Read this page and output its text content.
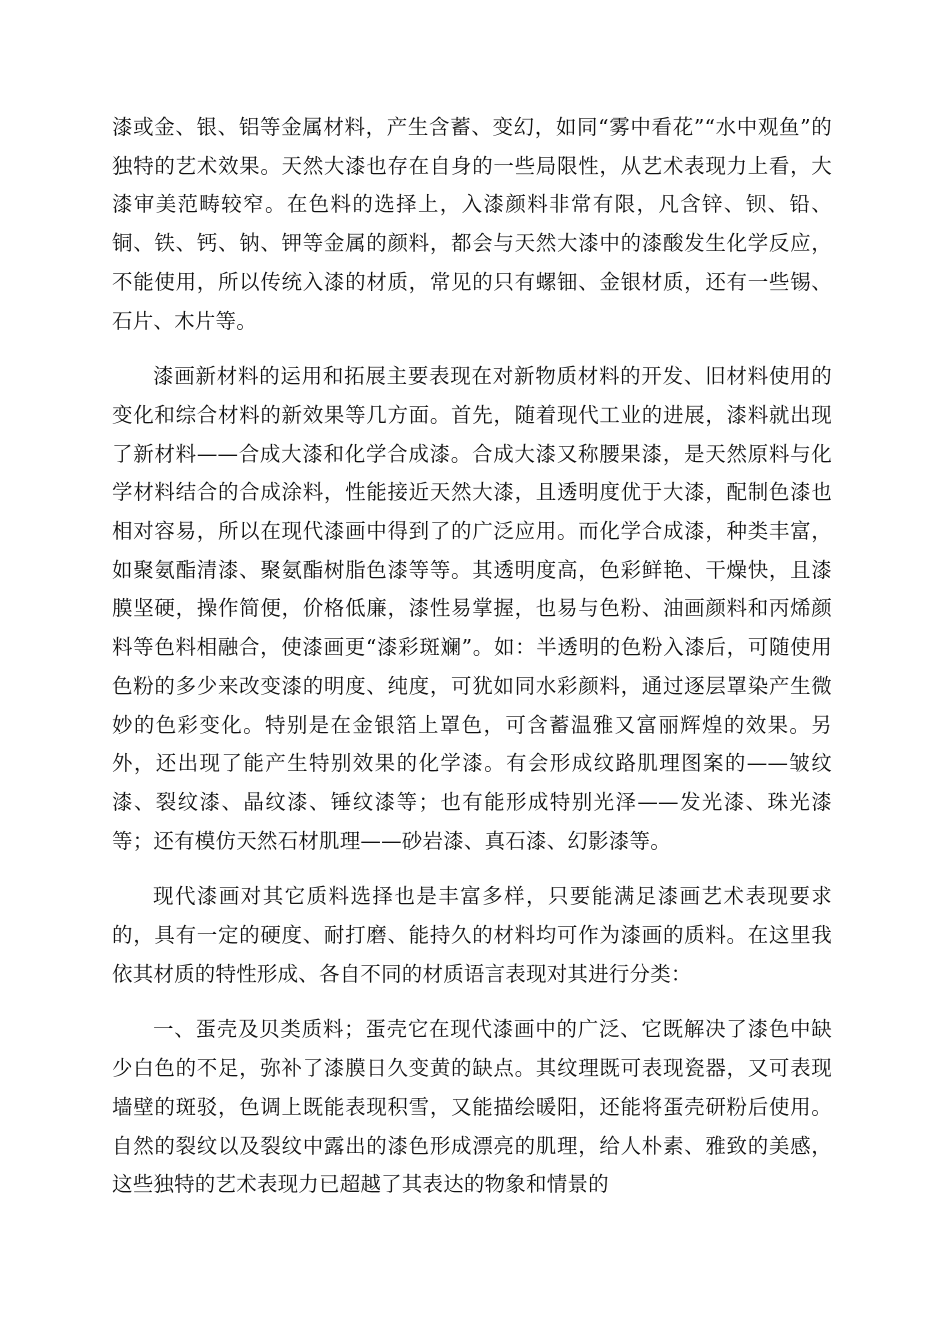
漆或金、银、铝等金属材料，产生含蓄、变幻，如同“雾中看花”“水中观鱼”的独特的艺术效果。天然大漆也存在自身的一些局限性，从艺术表现力上看，大漆审美范畴较窄。在色料的选择上，入漆颜料非常有限，凡含锌、钡、铅、铜、铁、钙、钠、钾等金属的颜料，都会与天然大漆中的漆酸发生化学反应，不能使用，所以传统入漆的材质，常见的只有螺钿、金银材质，还有一些锡、石片、木片等。

漆画新材料的运用和拓展主要表现在对新物质材料的开发、旧材料使用的变化和综合材料的新效果等几方面。首先，随着现代工业的进展，漆料就出现了新材料——合成大漆和化学合成漆。合成大漆又称腰果漆，是天然原料与化学材料结合的合成涂料，性能接近天然大漆，且透明度优于大漆，配制色漆也相对容易，所以在现代漆画中得到了的广泛应用。而化学合成漆，种类丰富，如聚氨酯清漆、聚氨酯树脂色漆等等。其透明度高，色彩鲜艳、干燥快，且漆膜坚硬，操作简便，价格低廉，漆性易掌握，也易与色粉、油画颜料和丙烯颜料等色料相融合，使漆画更“漆彩斑斓”。如：半透明的色粉入漆后，可随使用色粉的多少来改变漆的明度、纯度，可犹如同水彩颜料，通过逐层罩染产生微妙的色彩变化。特别是在金银箔上罩色，可含蓄温雅又富丽辉煌的效果。另外，还出现了能产生特别效果的化学漆。有会形成纹路肌理图案的——皱纹漆、裂纹漆、晶纹漆、锤纹漆等；也有能形成特别光泽——发光漆、珠光漆等；还有模仿天然石材肌理——砂岩漆、真石漆、幻影漆等。

现代漆画对其它质料选择也是丰富多样，只要能满足漆画艺术表现要求的，具有一定的硬度、耐打磨、能持久的材料均可作为漆画的质料。在这里我依其材质的特性形成、各自不同的材质语言表现对其进行分类：

一、蛋壳及贝类质料；蛋壳它在现代漆画中的广泛、它既解决了漆色中缺少白色的不足，弥补了漆膜日久变黄的缺点。其纹理既可表现瓷器，又可表现墙壁的斑驳，色调上既能表现积雪，又能描绘暖阳，还能将蛋壳研粉后使用。自然的裂纹以及裂纹中露出的漆色形成漂亮的肌理，给人朴素、雅致的美感，这些独特的艺术表现力已超越了其表达的物象和情景的
